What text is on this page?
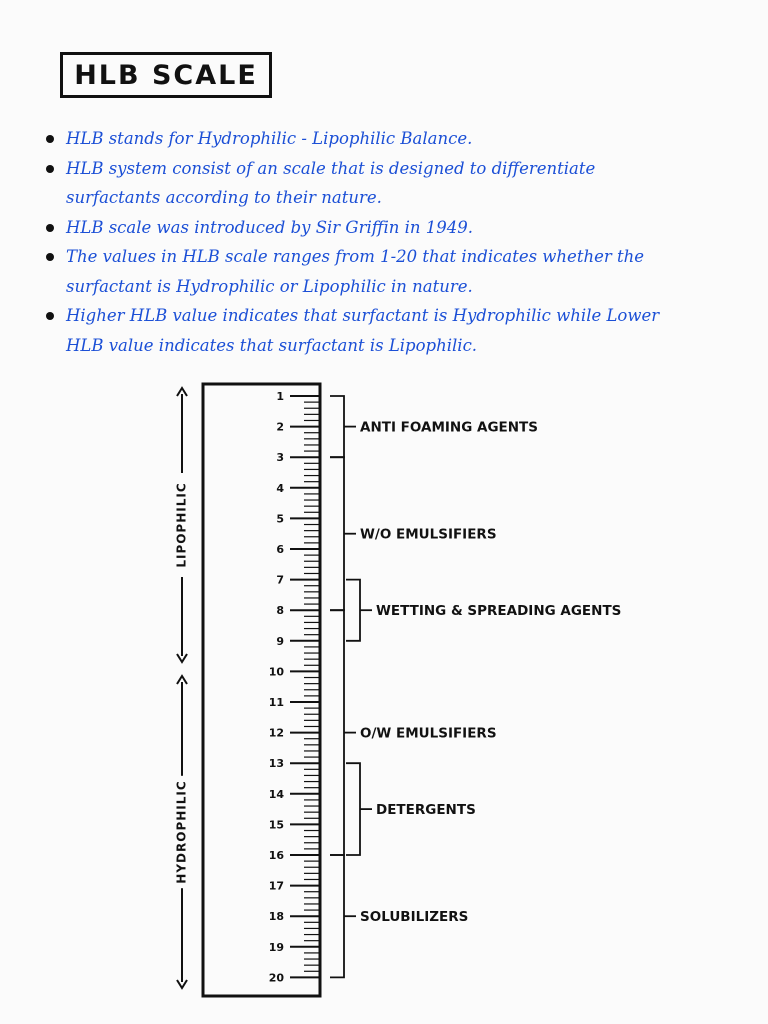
HLB SCALE
HLB stands for Hydrophilic - Lipophilic Balance.
HLB system consist of an scale that is designed to differentiate surfactants according to their nature.
HLB scale was introduced by Sir Griffin in 1949.
The values in HLB scale ranges from 1-20 that indicates whether the surfactant is Hydrophilic or Lipophilic in nature.
Higher HLB value indicates that surfactant is Hydrophilic while Lower HLB value indicates that surfactant is Lipophilic.
LIPOPHILIC
HYDROPHILIC
1
2
3
4
5
6
7
8
9
10
11
12
13
14
15
16
17
18
19
20
ANTI FOAMING AGENTS
W/O EMULSIFIERS
WETTING & SPREADING AGENTS
O/W EMULSIFIERS
DETERGENTS
SOLUBILIZERS
